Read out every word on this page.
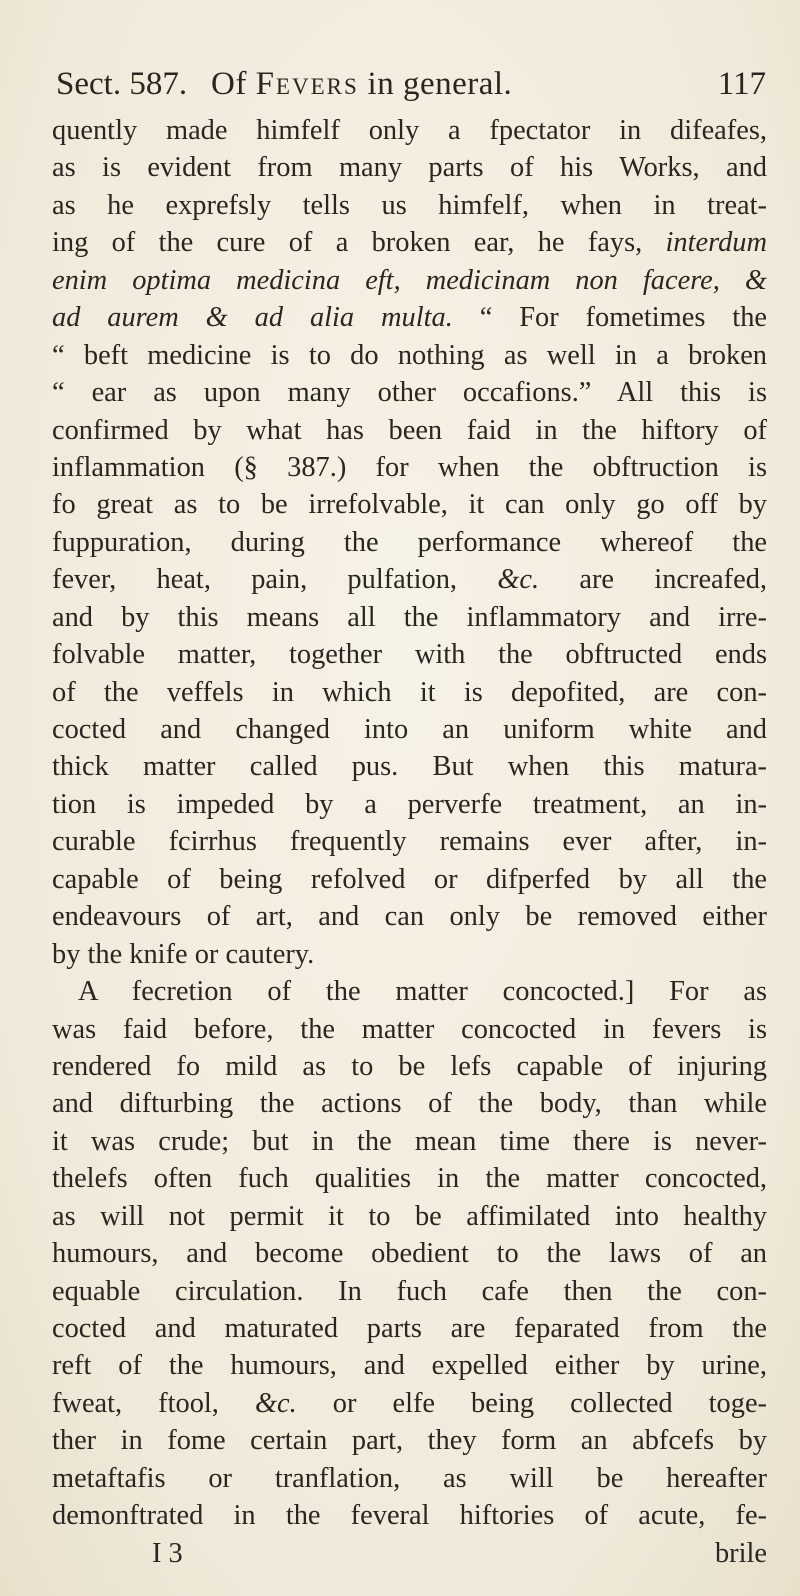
Sect. 587. Of Fevers in general.	117
quently made himfelf only a fpectator in difeafes,
as is evident from many parts of his Works, and
as he exprefsly tells us himfelf, when in treat-
ing of the cure of a broken ear, he fays, interdum
enim optima medicina eft, medicinam non facere, &
ad aurem & ad alia multa. “ For fometimes the
“ beft medicine is to do nothing as well in a broken
“ ear as upon many other occafions.” All this is
confirmed by what has been faid in the hiftory of
inflammation (§ 387.) for when the obftruction is
fo great as to be irrefolvable, it can only go off by
fuppuration, during the performance whereof the
fever, heat, pain, pulfation, &c. are increafed,
and by this means all the inflammatory and irre-
folvable matter, together with the obftructed ends
of the veffels in which it is depofited, are con-
cocted and changed into an uniform white and
thick matter called pus. But when this matura-
tion is impeded by a perverfe treatment, an in-
curable fcirrhus frequently remains ever after, in-
capable of being refolved or difperfed by all the
endeavours of art, and can only be removed either
by the knife or cautery.
A fecretion of the matter concocted.] For as
was faid before, the matter concocted in fevers is
rendered fo mild as to be lefs capable of injuring
and difturbing the actions of the body, than while
it was crude; but in the mean time there is never-
thelefs often fuch qualities in the matter concocted,
as will not permit it to be affimilated into healthy
humours, and become obedient to the laws of an
equable circulation. In fuch cafe then the con-
cocted and maturated parts are feparated from the
reft of the humours, and expelled either by urine,
fweat, ftool, &c. or elfe being collected toge-
ther in fome certain part, they form an abfcefs by
metaftafis or tranflation, as will be hereafter
demonftrated in the feveral hiftories of acute, fe-
I 3	brile
